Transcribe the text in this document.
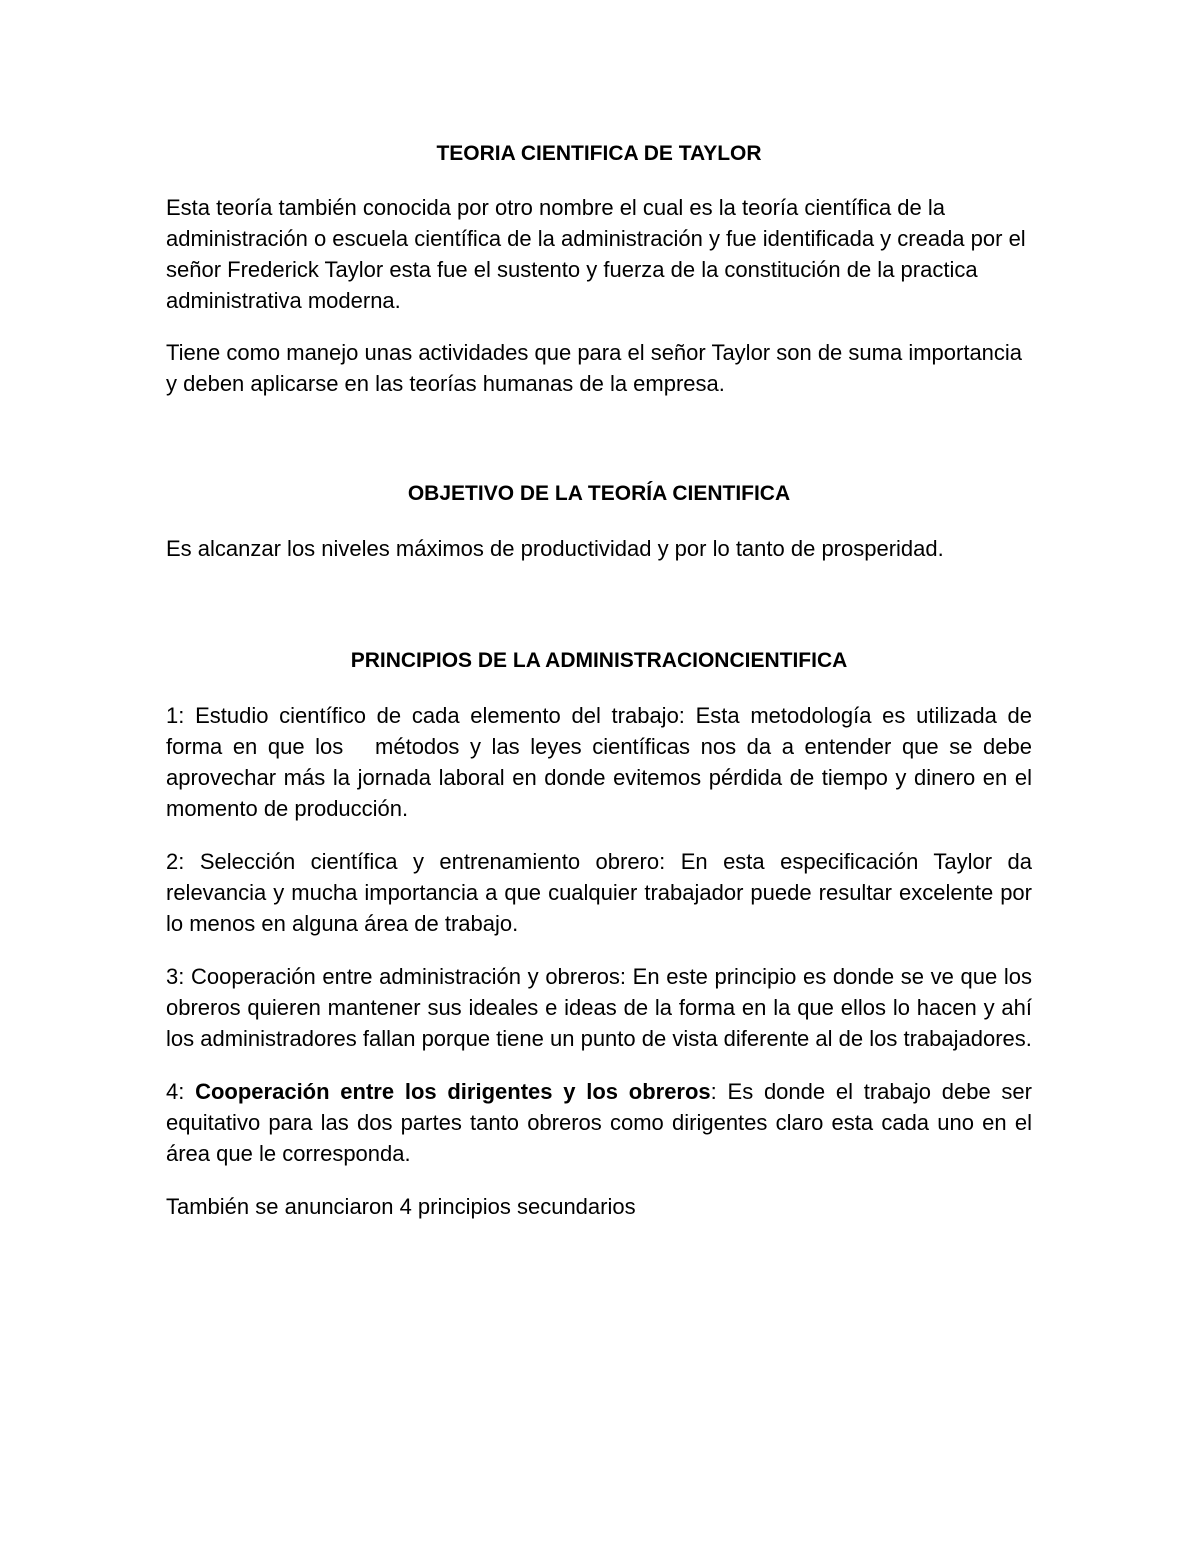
TEORIA CIENTIFICA DE TAYLOR

Esta teoría también conocida por otro nombre el cual es la teoría científica de la administración o escuela científica de la administración y fue identificada y creada por el señor Frederick Taylor esta fue el sustento y fuerza de la constitución de la practica administrativa moderna.

Tiene como manejo unas actividades que para el señor Taylor son de suma importancia y deben aplicarse en las teorías humanas de la empresa.

OBJETIVO DE LA TEORÍA CIENTIFICA

Es alcanzar los niveles máximos de productividad y por lo tanto de prosperidad.

PRINCIPIOS DE LA ADMINISTRACIONCIENTIFICA

1: Estudio científico de cada elemento del trabajo: Esta metodología es utilizada de forma en que los   métodos y las leyes científicas nos da a entender que se debe aprovechar más la jornada laboral en donde evitemos pérdida de tiempo y dinero en el momento de producción.

2: Selección científica y entrenamiento obrero: En esta especificación Taylor da relevancia y mucha importancia a que cualquier trabajador puede resultar excelente por lo menos en alguna área de trabajo.

3: Cooperación entre administración y obreros: En este principio es donde se ve que los obreros quieren mantener sus ideales e ideas de la forma en la que ellos lo hacen y ahí los administradores fallan porque tiene un punto de vista diferente al de los trabajadores.

4: Cooperación entre los dirigentes y los obreros: Es donde el trabajo debe ser equitativo para las dos partes tanto obreros como dirigentes claro esta cada uno en el área que le corresponda.

También se anunciaron 4 principios secundarios
